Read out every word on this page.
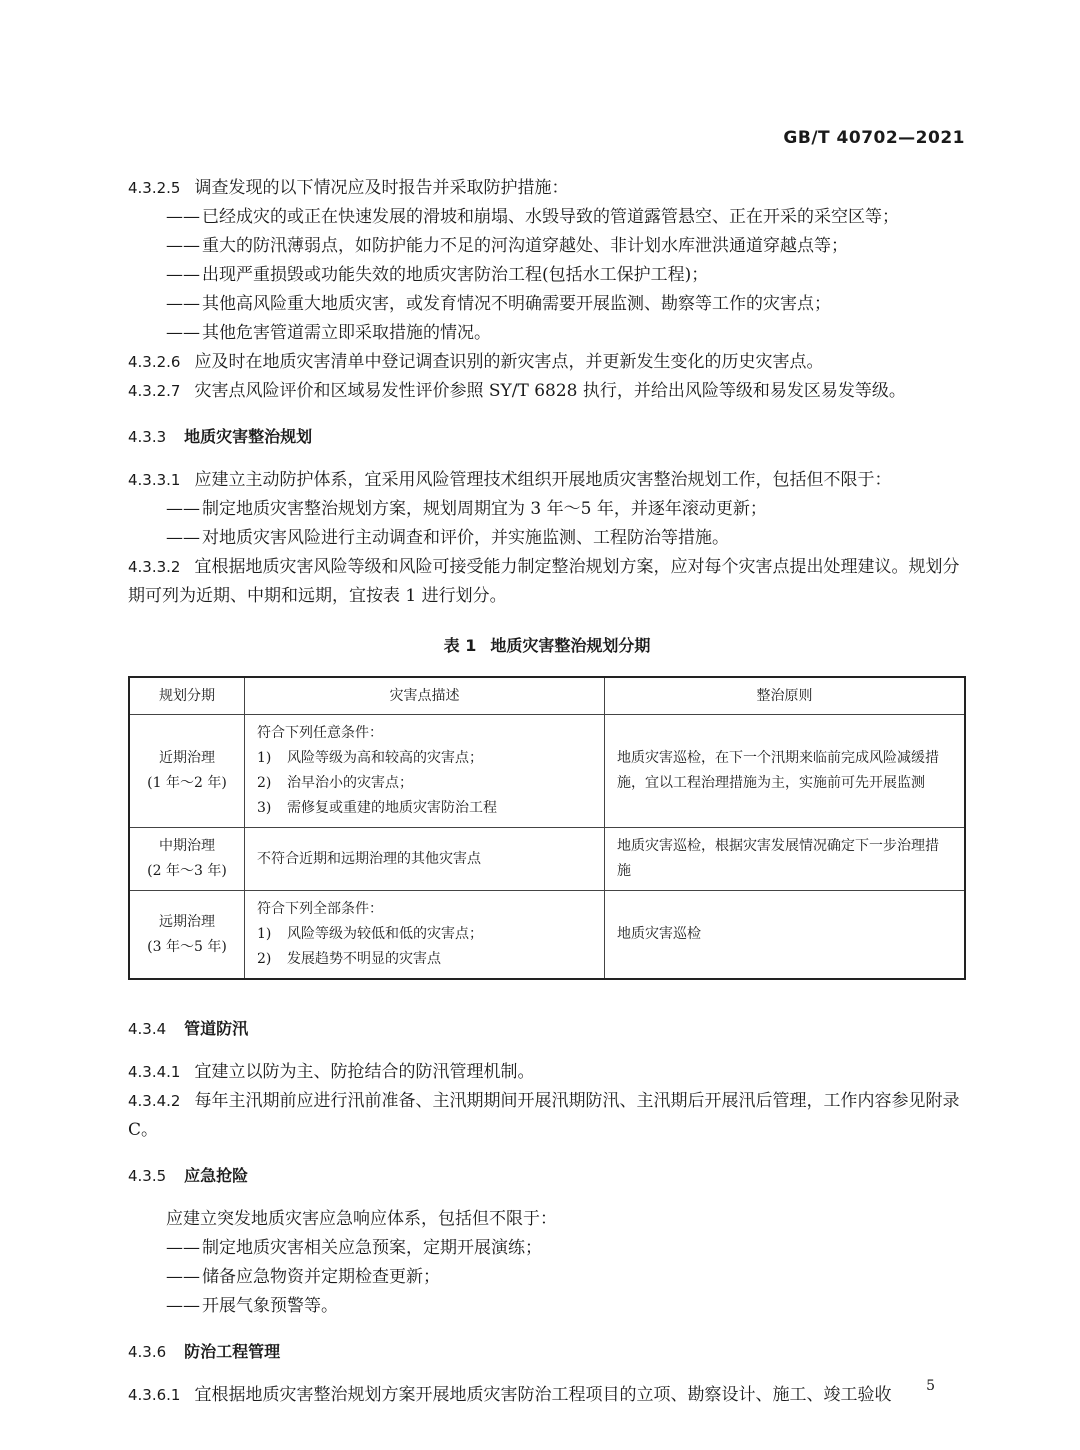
GB/T 40702—2021

4.3.2.5 调查发现的以下情况应及时报告并采取防护措施：

—— 已经成灾的或正在快速发展的滑坡和崩塌、水毁导致的管道露管悬空、正在开采的采空区等；

—— 重大的防汛薄弱点，如防护能力不足的河沟道穿越处、非计划水库泄洪通道穿越点等；

—— 出现严重损毁或功能失效的地质灾害防治工程(包括水工保护工程)；

—— 其他高风险重大地质灾害，或发育情况不明确需要开展监测、勘察等工作的灾害点；

—— 其他危害管道需立即采取措施的情况。

4.3.2.6 应及时在地质灾害清单中登记调查识别的新灾害点，并更新发生变化的历史灾害点。

4.3.2.7 灾害点风险评价和区域易发性评价参照 SY/T 6828 执行，并给出风险等级和易发区易发等级。

4.3.3 地质灾害整治规划

4.3.3.1 应建立主动防护体系，宜采用风险管理技术组织开展地质灾害整治规划工作，包括但不限于：

—— 制定地质灾害整治规划方案，规划周期宜为 3 年～5 年，并逐年滚动更新；

—— 对地质灾害风险进行主动调查和评价，并实施监测、工程防治等措施。

4.3.3.2 宜根据地质灾害风险等级和风险可接受能力制定整治规划方案，应对每个灾害点提出处理建议。规划分期可列为近期、中期和远期，宜按表 1 进行划分。

表 1 地质灾害整治规划分期
规划分期	灾害点描述	整治原则

近期治理
(1 年～2 年)	符合下列任意条件：
1) 风险等级为高和较高的灾害点；
2) 治早治小的灾害点；
3) 需修复或重建的地质灾害防治工程	地质灾害巡检，在下一个汛期来临前完成风险减缓措施，宜以工程治理措施为主，实施前可先开展监测

中期治理
(2 年～3 年)	不符合近期和远期治理的其他灾害点	地质灾害巡检，根据灾害发展情况确定下一步治理措施

远期治理
(3 年～5 年)	符合下列全部条件：
1) 风险等级为较低和低的灾害点；
2) 发展趋势不明显的灾害点	地质灾害巡检
4.3.4 管道防汛

4.3.4.1 宜建立以防为主、防抢结合的防汛管理机制。

4.3.4.2 每年主汛期前应进行汛前准备、主汛期期间开展汛期防汛、主汛期后开展汛后管理，工作内容参见附录 C。

4.3.5 应急抢险

应建立突发地质灾害应急响应体系，包括但不限于：

—— 制定地质灾害相关应急预案，定期开展演练；

—— 储备应急物资并定期检查更新；

—— 开展气象预警等。

4.3.6 防治工程管理

4.3.6.1 宜根据地质灾害整治规划方案开展地质灾害防治工程项目的立项、勘察设计、施工、竣工验收	5
